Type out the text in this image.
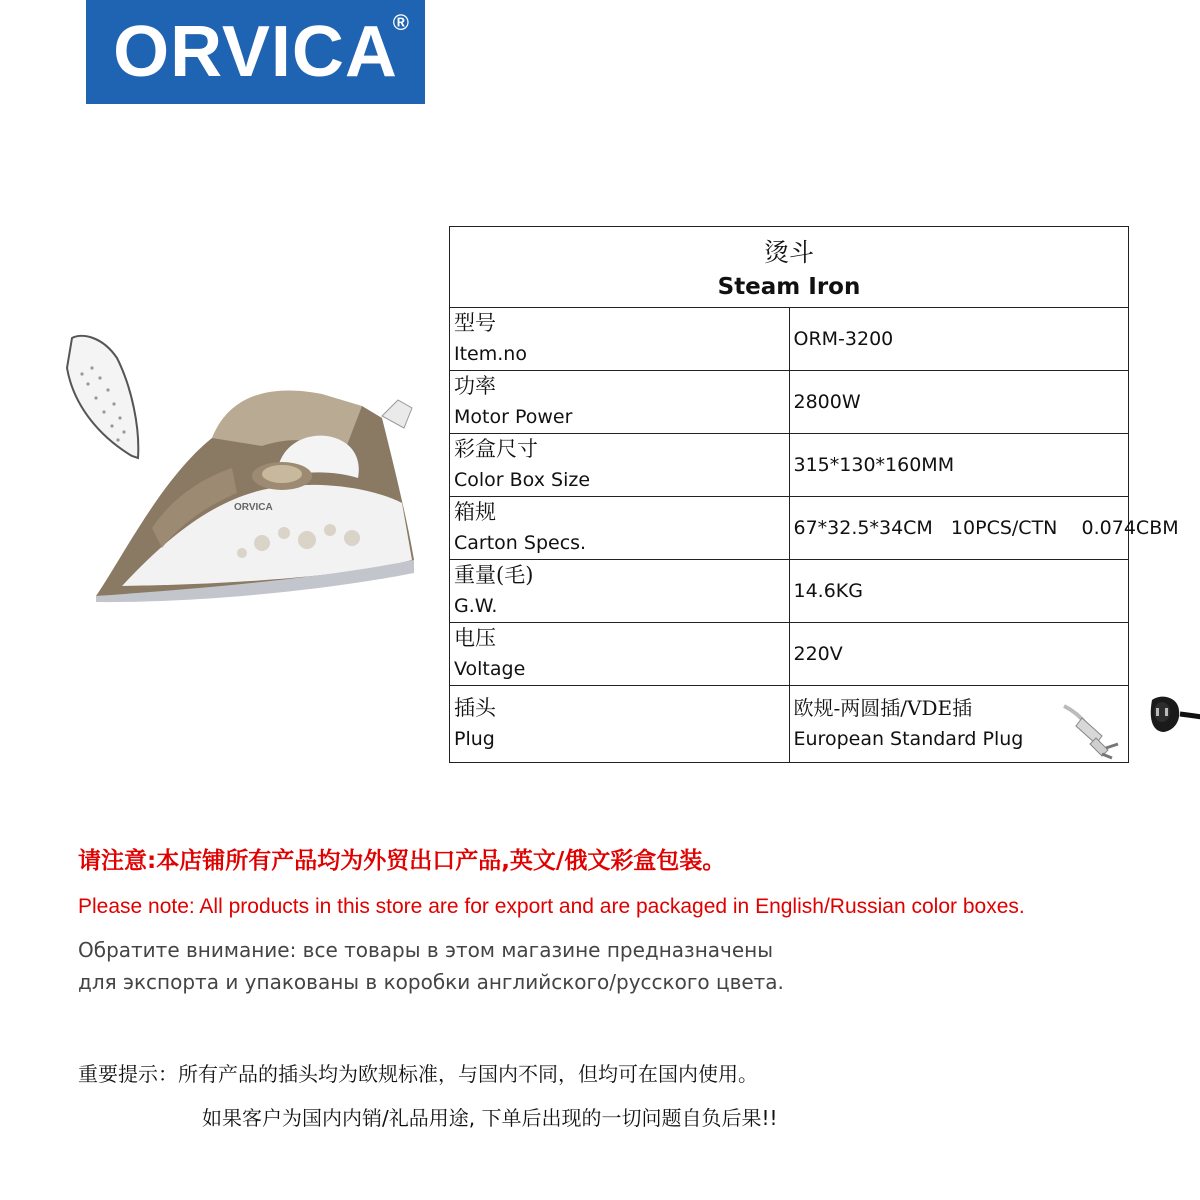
ORVICA
®
ORVICA
烫斗
Steam Iron	

型号
Item.no	ORM-3200

功率
Motor Power	2800W

彩盒尺寸
Color Box Size	315*130*160MM

箱规
Carton Specs.	67*32.5*34CM   10PCS/CTN    0.074CBM

重量(毛)
G.W.	14.6KG

电压
Voltage	220V

插头
Plug	欧规-两圆插/VDE插
European Standard Plug
请注意:本店铺所有产品均为外贸出口产品,英文/俄文彩盒包装。
Please note: All products in this store are for export and are packaged in English/Russian color boxes.
Обратите внимание: все товары в этом магазине предназначены
для экспорта и упакованы в коробки английского/русского цвета.
重要提示：所有产品的插头均为欧规标准，与国内不同，但均可在国内使用。
如果客户为国内内销/礼品用途, 下单后出现的一切问题自负后果!!
